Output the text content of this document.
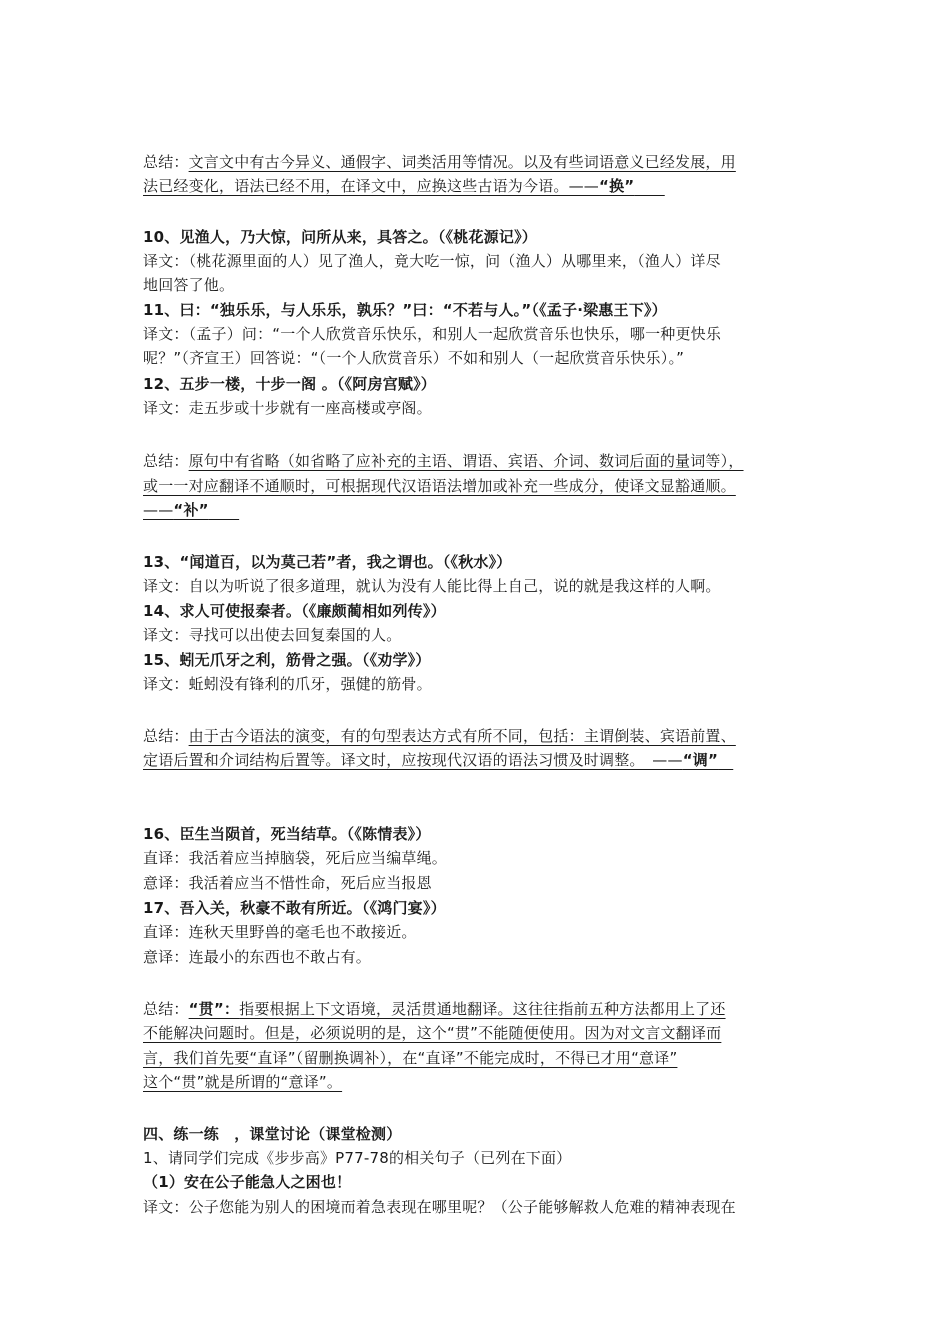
总结：文言文中有古今异义、通假字、词类活用等情况。以及有些词语意义已经发展，用
法已经变化，语法已经不用，在译文中，应换这些古语为今语。——“换”　　
10、见渔人，乃大惊，问所从来，具答之。（《桃花源记》）
译文：（桃花源里面的人）见了渔人，竟大吃一惊，问（渔人）从哪里来，（渔人）详尽
地回答了他。
11、曰：“独乐乐，与人乐乐，孰乐？”曰：“不若与人。”（《孟子·梁惠王下》）
译文：（孟子）问：“一个人欣赏音乐快乐，和别人一起欣赏音乐也快乐，哪一种更快乐
呢？”（齐宣王）回答说：“（一个人欣赏音乐）不如和别人（一起欣赏音乐快乐）。”
12、五步一楼，十步一阁 。（《阿房宫赋》）
译文：走五步或十步就有一座高楼或亭阁。
总结：原句中有省略（如省略了应补充的主语、谓语、宾语、介词、数词后面的量词等），
或一一对应翻译不通顺时，可根据现代汉语语法增加或补充一些成分，使译文显豁通顺。
——“补”　　
13、“闻道百，以为莫己若”者，我之谓也。（《秋水》）
译文：自以为听说了很多道理，就认为没有人能比得上自己，说的就是我这样的人啊。
14、求人可使报秦者。（《廉颇蔺相如列传》）
译文：寻找可以出使去回复秦国的人。
15、蚓无爪牙之利，筋骨之强。（《劝学》）
译文：蚯蚓没有锋利的爪牙，强健的筋骨。
总结：由于古今语法的演变，有的句型表达方式有所不同，包括：主谓倒装、宾语前置、
定语后置和介词结构后置等。译文时，应按现代汉语的语法习惯及时调整。　——“调”　
16、臣生当陨首，死当结草。（《陈情表》）
直译：我活着应当掉脑袋，死后应当编草绳。
意译：我活着应当不惜性命，死后应当报恩
17、吾入关，秋豪不敢有所近。（《鸿门宴》）
直译：连秋天里野兽的毫毛也不敢接近。
意译：连最小的东西也不敢占有。
总结：“贯”：指要根据上下文语境，灵活贯通地翻译。这往往指前五种方法都用上了还
不能解决问题时。但是，必须说明的是，这个“贯”不能随便使用。因为对文言文翻译而
言，我们首先要“直译”（留删换调补），在“直译”不能完成时，不得已才用“意译”
这个“贯”就是所谓的“意译”。
四、练一练　，课堂讨论（课堂检测）
1、请同学们完成《步步高》P77-78的相关句子（已列在下面）
（1）安在公子能急人之困也！
译文：公子您能为别人的困境而着急表现在哪里呢？（公子能够解救人危难的精神表现在
